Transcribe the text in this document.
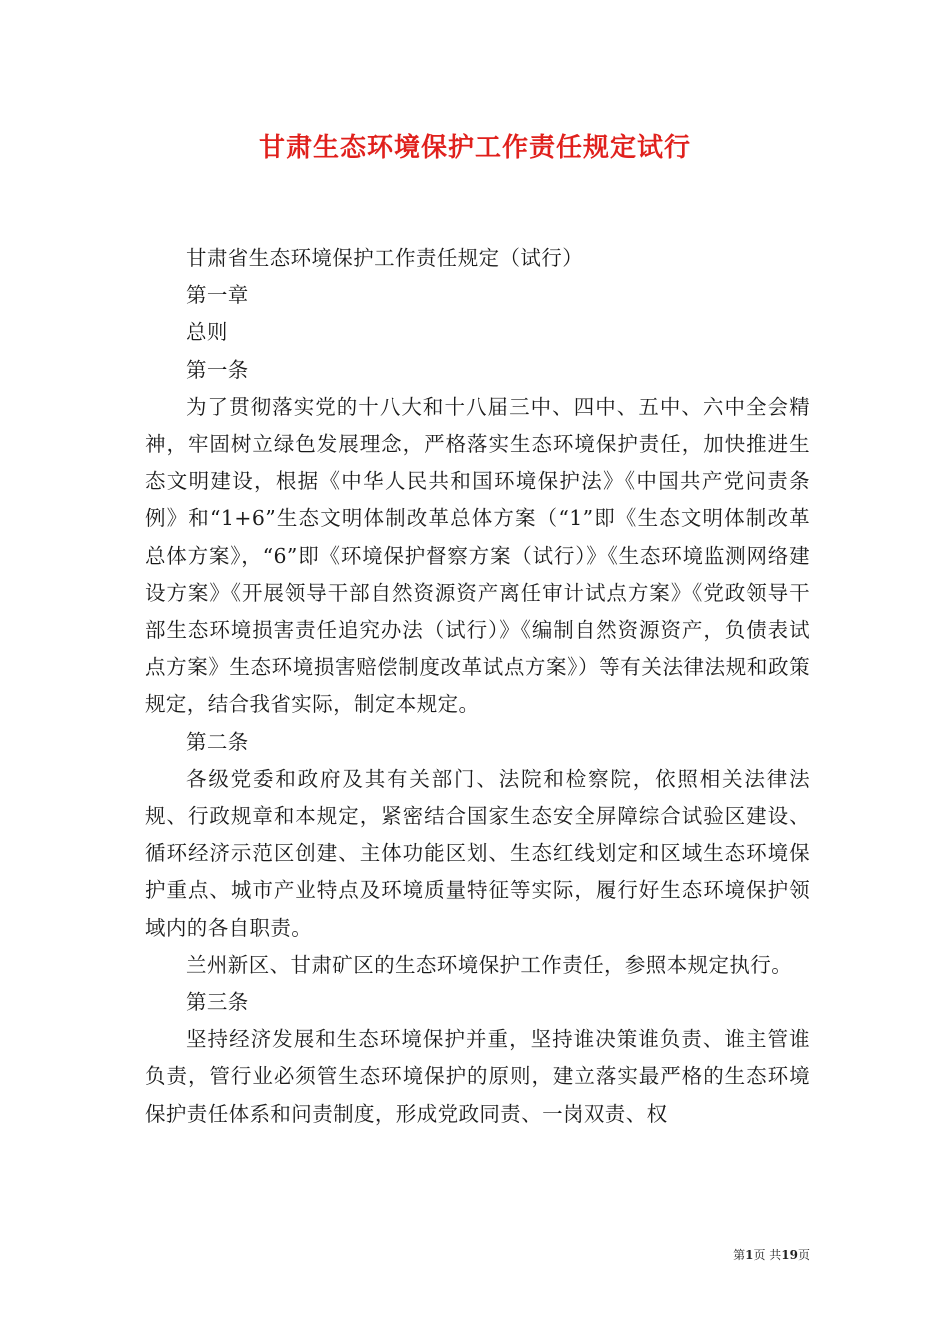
甘肃生态环境保护工作责任规定试行

甘肃省生态环境保护工作责任规定（试行）

第一章

总则

第一条

为了贯彻落实党的十八大和十八届三中、四中、五中、六中全会精神，牢固树立绿色发展理念，严格落实生态环境保护责任，加快推进生态文明建设，根据《中华人民共和国环境保护法》《中国共产党问责条例》和“1+6”生态文明体制改革总体方案（“1”即《生态文明体制改革总体方案》，“6”即《环境保护督察方案（试行）》《生态环境监测网络建设方案》《开展领导干部自然资源资产离任审计试点方案》《党政领导干部生态环境损害责任追究办法（试行）》《编制自然资源资产，负债表试点方案》生态环境损害赔偿制度改革试点方案》）等有关法律法规和政策规定，结合我省实际，制定本规定。

第二条

各级党委和政府及其有关部门、法院和检察院，依照相关法律法规、行政规章和本规定，紧密结合国家生态安全屏障综合试验区建设、循环经济示范区创建、主体功能区划、生态红线划定和区域生态环境保护重点、城市产业特点及环境质量特征等实际，履行好生态环境保护领域内的各自职责。

兰州新区、甘肃矿区的生态环境保护工作责任，参照本规定执行。

第三条

坚持经济发展和生态环境保护并重，坚持谁决策谁负责、谁主管谁负责，管行业必须管生态环境保护的原则，建立落实最严格的生态环境保护责任体系和问责制度，形成党政同责、一岗双责、权

第1页 共19页
